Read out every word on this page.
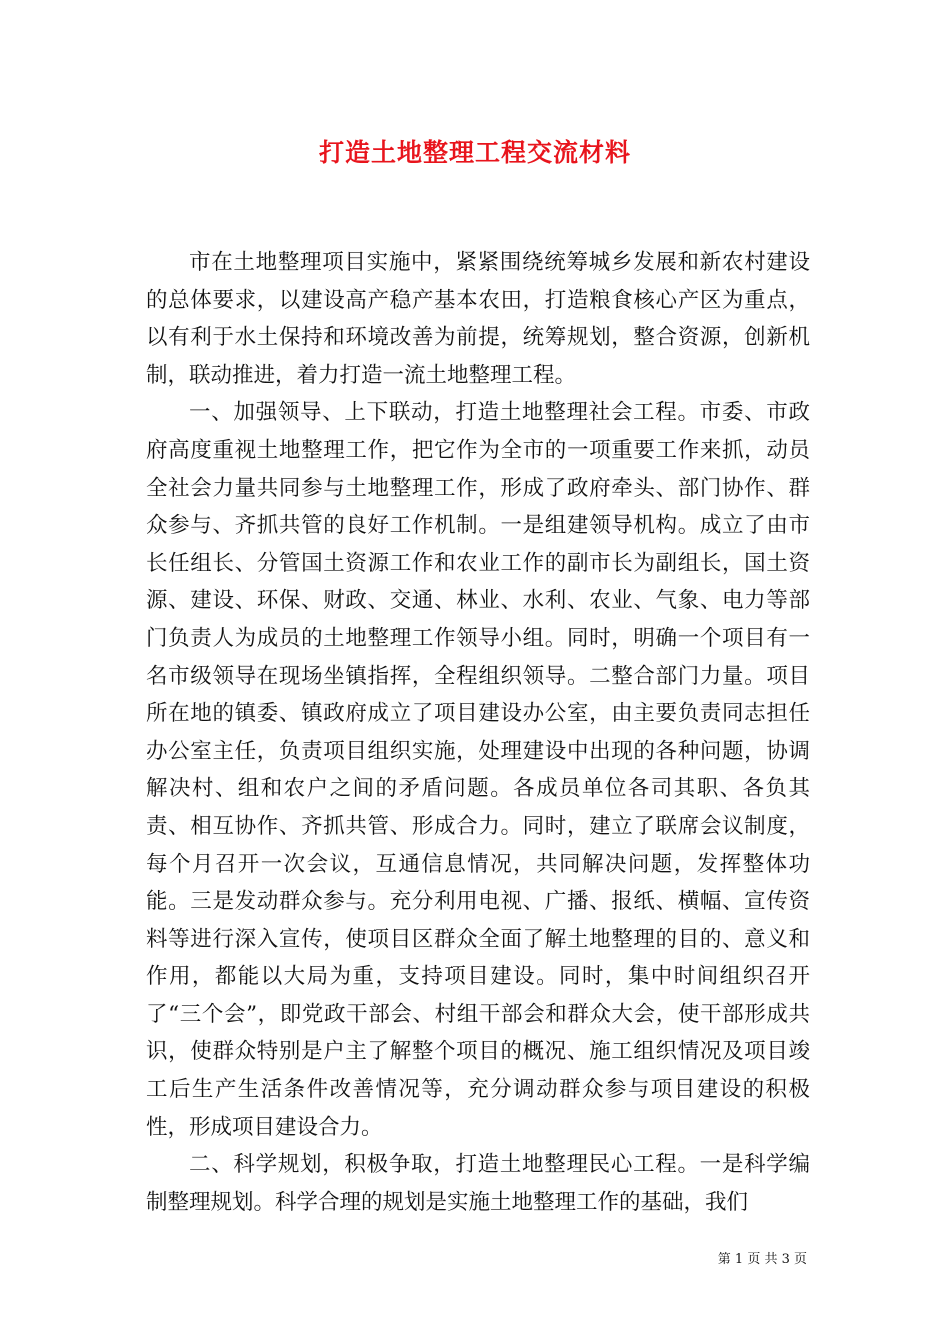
打造土地整理工程交流材料

市在土地整理项目实施中，紧紧围绕统筹城乡发展和新农村建设的总体要求，以建设高产稳产基本农田，打造粮食核心产区为重点，以有利于水土保持和环境改善为前提，统筹规划，整合资源，创新机制，联动推进，着力打造一流土地整理工程。

一、加强领导、上下联动，打造土地整理社会工程。市委、市政府高度重视土地整理工作，把它作为全市的一项重要工作来抓，动员全社会力量共同参与土地整理工作，形成了政府牵头、部门协作、群众参与、齐抓共管的良好工作机制。一是组建领导机构。成立了由市长任组长、分管国土资源工作和农业工作的副市长为副组长，国土资源、建设、环保、财政、交通、林业、水利、农业、气象、电力等部门负责人为成员的土地整理工作领导小组。同时，明确一个项目有一名市级领导在现场坐镇指挥，全程组织领导。二整合部门力量。项目所在地的镇委、镇政府成立了项目建设办公室，由主要负责同志担任办公室主任，负责项目组织实施，处理建设中出现的各种问题，协调解决村、组和农户之间的矛盾问题。各成员单位各司其职、各负其责、相互协作、齐抓共管、形成合力。同时，建立了联席会议制度，每个月召开一次会议，互通信息情况，共同解决问题，发挥整体功能。三是发动群众参与。充分利用电视、广播、报纸、横幅、宣传资料等进行深入宣传，使项目区群众全面了解土地整理的目的、意义和作用，都能以大局为重，支持项目建设。同时，集中时间组织召开了“三个会”，即党政干部会、村组干部会和群众大会，使干部形成共识，使群众特别是户主了解整个项目的概况、施工组织情况及项目竣工后生产生活条件改善情况等，充分调动群众参与项目建设的积极性，形成项目建设合力。

二、科学规划，积极争取，打造土地整理民心工程。一是科学编制整理规划。科学合理的规划是实施土地整理工作的基础，我们

第 1 页 共 3 页
